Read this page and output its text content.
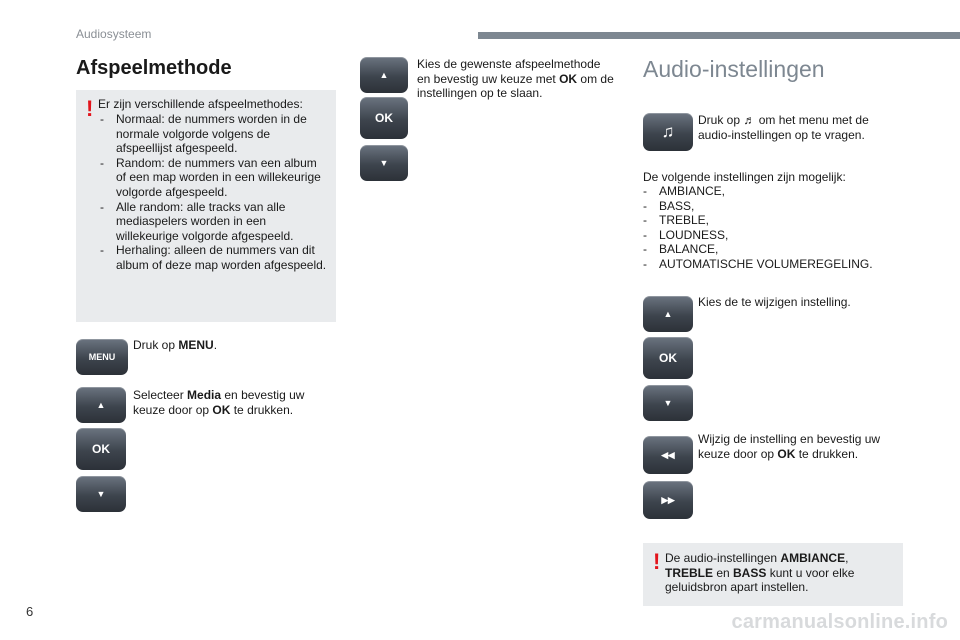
Audiosysteem
Afspeelmethode
! Er zijn verschillende afspeelmethodes:
- Normaal: de nummers worden in de normale volgorde volgens de afspeellijst afgespeeld.
- Random: de nummers van een album of een map worden in een willekeurige volgorde afgespeeld.
- Alle random: alle tracks van alle mediaspelers worden in een willekeurige volgorde afgespeeld.
- Herhaling: alleen de nummers van dit album of deze map worden afgespeeld.
MENU
Druk op MENU.
▲
OK
▼
Selecteer Media en bevestig uw keuze door op OK te drukken.
▲
OK
▼
Kies de gewenste afspeelmethode en bevestig uw keuze met OK om de instellingen op te slaan.
Audio-instellingen
♫
Druk op ♬ om het menu met de audio-instellingen op te vragen.
De volgende instellingen zijn mogelijk:
- AMBIANCE,
- BASS,
- TREBLE,
- LOUDNESS,
- BALANCE,
- AUTOMATISCHE VOLUMEREGELING.
▲
OK
▼
Kies de te wijzigen instelling.
◂◂
▸▸
Wijzig de instelling en bevestig uw keuze door op OK te drukken.
! De audio-instellingen AMBIANCE, TREBLE en BASS kunt u voor elke geluidsbron apart instellen.
6	carmanualsonline.info
